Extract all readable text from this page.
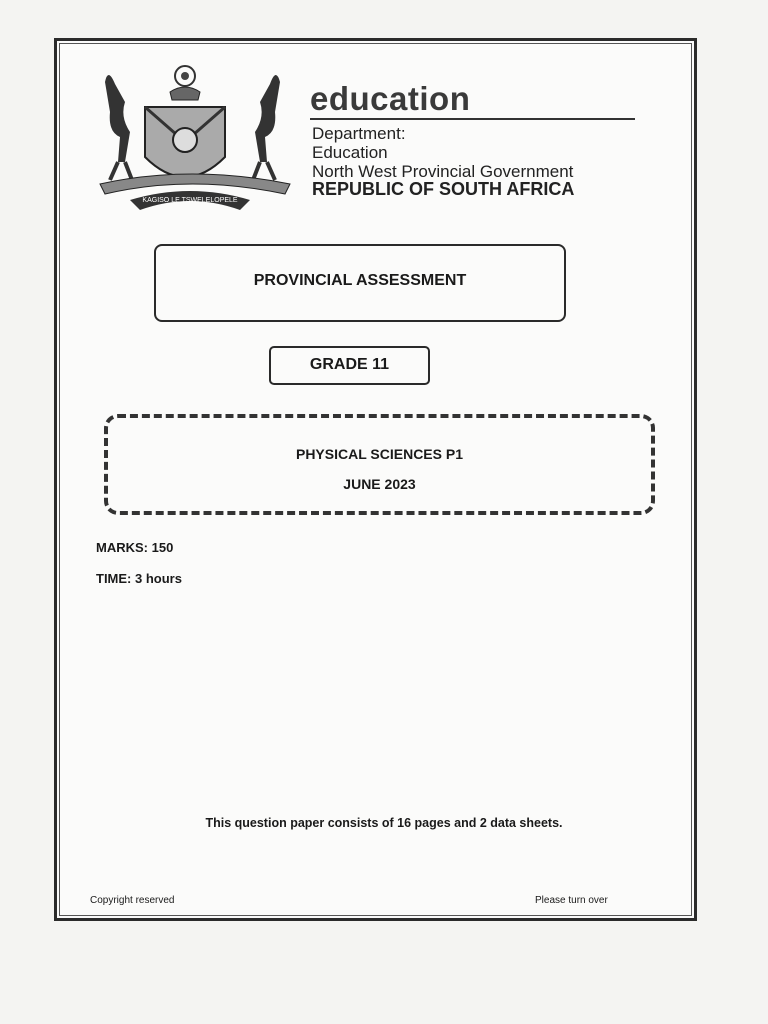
KAGISO LE TSWELELOPELE
education
Department:
Education
North West Provincial Government
REPUBLIC OF SOUTH AFRICA
PROVINCIAL ASSESSMENT
GRADE 11
PHYSICAL SCIENCES P1
JUNE 2023
MARKS: 150
TIME: 3 hours
This question paper consists of 16 pages and 2 data sheets.
Copyright reserved	Please turn over
